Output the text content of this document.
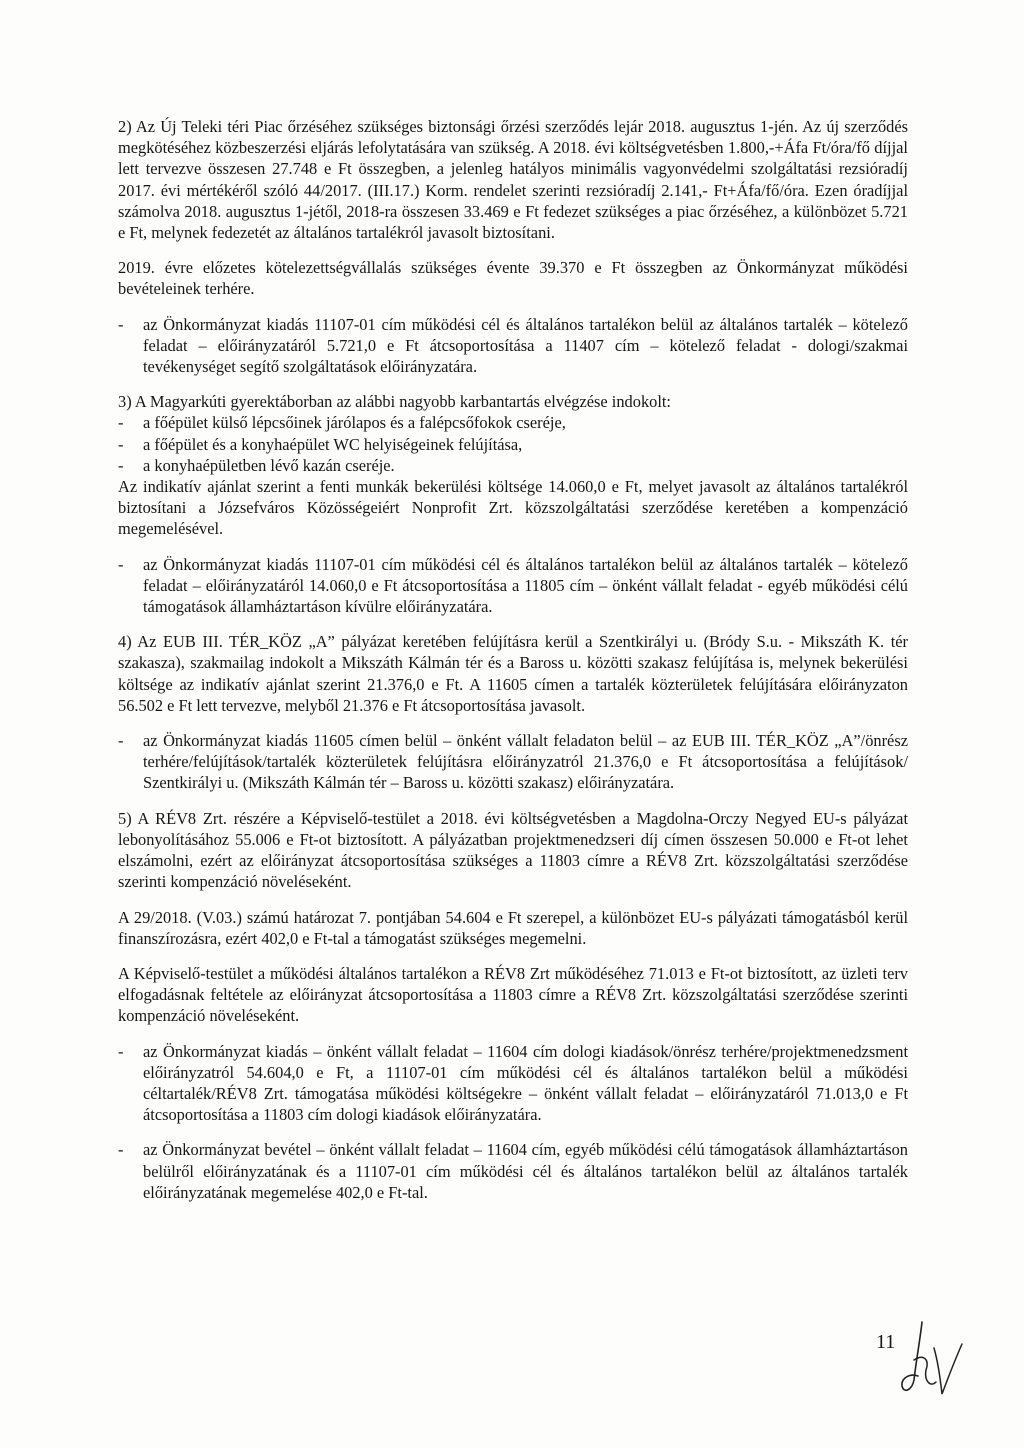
2) Az Új Teleki téri Piac őrzéséhez szükséges biztonsági őrzési szerződés lejár 2018. augusztus 1-jén. Az új szerződés megkötéséhez közbeszerzési eljárás lefolytatására van szükség. A 2018. évi költségvetésben 1.800,-+Áfa Ft/óra/fő díjjal lett tervezve összesen 27.748 e Ft összegben, a jelenleg hatályos minimális vagyonvédelmi szolgáltatási rezsióradíj 2017. évi mértékéről szóló 44/2017. (III.17.) Korm. rendelet szerinti rezsióradíj 2.141,- Ft+Áfa/fő/óra. Ezen óradíjjal számolva 2018. augusztus 1-jétől, 2018-ra összesen 33.469 e Ft fedezet szükséges a piac őrzéséhez, a különbözet 5.721 e Ft, melynek fedezetét az általános tartalékról javasolt biztosítani.

2019. évre előzetes kötelezettségvállalás szükséges évente 39.370 e Ft összegben az Önkormányzat működési bevételeinek terhére.

- az Önkormányzat kiadás 11107-01 cím működési cél és általános tartalékon belül az általános tartalék – kötelező feladat – előirányzatáról 5.721,0 e Ft átcsoportosítása a 11407 cím – kötelező feladat - dologi/szakmai tevékenységet segítő szolgáltatások előirányzatára.

3) A Magyarkúti gyerektáborban az alábbi nagyobb karbantartás elvégzése indokolt:

- a főépület külső lépcsőinek járólapos és a falépcsőfokok cseréje,
- a főépület és a konyhaépület WC helyiségeinek felújítása,
- a konyhaépületben lévő kazán cseréje.

Az indikatív ajánlat szerint a fenti munkák bekerülési költsége 14.060,0 e Ft, melyet javasolt az általános tartalékról biztosítani a Józsefváros Közösségeiért Nonprofit Zrt. közszolgáltatási szerződése keretében a kompenzáció megemelésével.

- az Önkormányzat kiadás 11107-01 cím működési cél és általános tartalékon belül az általános tartalék – kötelező feladat – előirányzatáról 14.060,0 e Ft átcsoportosítása a 11805 cím – önként vállalt feladat - egyéb működési célú támogatások államháztartáson kívülre előirányzatára.

4) Az EUB III. TÉR_KÖZ „A” pályázat keretében felújításra kerül a Szentkirályi u. (Bródy S.u. - Mikszáth K. tér szakasza), szakmailag indokolt a Mikszáth Kálmán tér és a Baross u. közötti szakasz felújítása is, melynek bekerülési költsége az indikatív ajánlat szerint 21.376,0 e Ft. A 11605 címen a tartalék közterületek felújítására előirányzaton 56.502 e Ft lett tervezve, melyből 21.376 e Ft átcsoportosítása javasolt.

- az Önkormányzat kiadás 11605 címen belül – önként vállalt feladaton belül – az EUB III. TÉR_KÖZ „A”/önrész terhére/felújítások/tartalék közterületek felújításra előirányzatról 21.376,0 e Ft átcsoportosítása a felújítások/ Szentkirályi u. (Mikszáth Kálmán tér – Baross u. közötti szakasz) előirányzatára.

5) A RÉV8 Zrt. részére a Képviselő-testület a 2018. évi költségvetésben a Magdolna-Orczy Negyed EU-s pályázat lebonyolításához 55.006 e Ft-ot biztosított. A pályázatban projektmenedzseri díj címen összesen 50.000 e Ft-ot lehet elszámolni, ezért az előirányzat átcsoportosítása szükséges a 11803 címre a RÉV8 Zrt. közszolgáltatási szerződése szerinti kompenzáció növeléseként.

A 29/2018. (V.03.) számú határozat 7. pontjában 54.604 e Ft szerepel, a különbözet EU-s pályázati támogatásból kerül finanszírozásra, ezért 402,0 e Ft-tal a támogatást szükséges megemelni.

A Képviselő-testület a működési általános tartalékon a RÉV8 Zrt működéséhez 71.013 e Ft-ot biztosított, az üzleti terv elfogadásnak feltétele az előirányzat átcsoportosítása a 11803 címre a RÉV8 Zrt. közszolgáltatási szerződése szerinti kompenzáció növeléseként.

- az Önkormányzat kiadás – önként vállalt feladat – 11604 cím dologi kiadások/önrész terhére/projektmenedzsment előirányzatról 54.604,0 e Ft, a 11107-01 cím működési cél és általános tartalékon belül a működési céltartalék/RÉV8 Zrt. támogatása működési költségekre – önként vállalt feladat – előirányzatáról 71.013,0 e Ft átcsoportosítása a 11803 cím dologi kiadások előirányzatára.
- az Önkormányzat bevétel – önként vállalt feladat – 11604 cím, egyéb működési célú támogatások államháztartáson belülről előirányzatának és a 11107-01 cím működési cél és általános tartalékon belül az általános tartalék előirányzatának megemelése 402,0 e Ft-tal.
11
